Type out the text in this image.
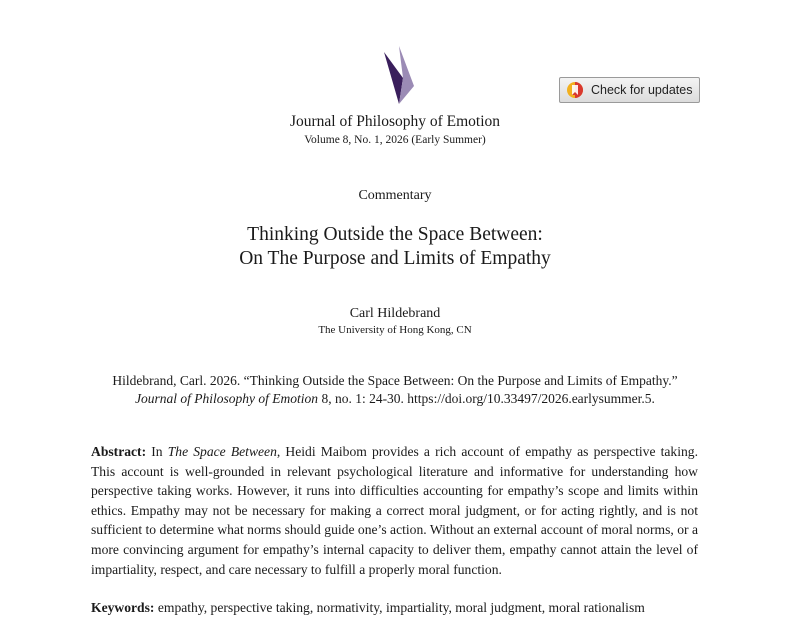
Check for updates
Journal of Philosophy of Emotion
Volume 8, No. 1, 2026 (Early Summer)
Commentary
Thinking Outside the Space Between:
On The Purpose and Limits of Empathy
Carl Hildebrand
The University of Hong Kong, CN
Hildebrand, Carl. 2026. “Thinking Outside the Space Between: On the Purpose and Limits of Empathy.”
Journal of Philosophy of Emotion 8, no. 1: 24-30. https://doi.org/10.33497/2026.earlysummer.5.

Abstract: In The Space Between, Heidi Maibom provides a rich account of empathy as perspective taking. This account is well-grounded in relevant psychological literature and informative for understanding how perspective taking works. However, it runs into difficulties accounting for empathy’s scope and limits within ethics. Empathy may not be necessary for making a correct moral judgment, or for acting rightly, and is not sufficient to determine what norms should guide one’s action. Without an external account of moral norms, or a more convincing argument for empathy’s internal capacity to deliver them, empathy cannot attain the level of impartiality, respect, and care necessary to fulfill a properly moral function.

Keywords: empathy, perspective taking, normativity, impartiality, moral judgment, moral rationalism
